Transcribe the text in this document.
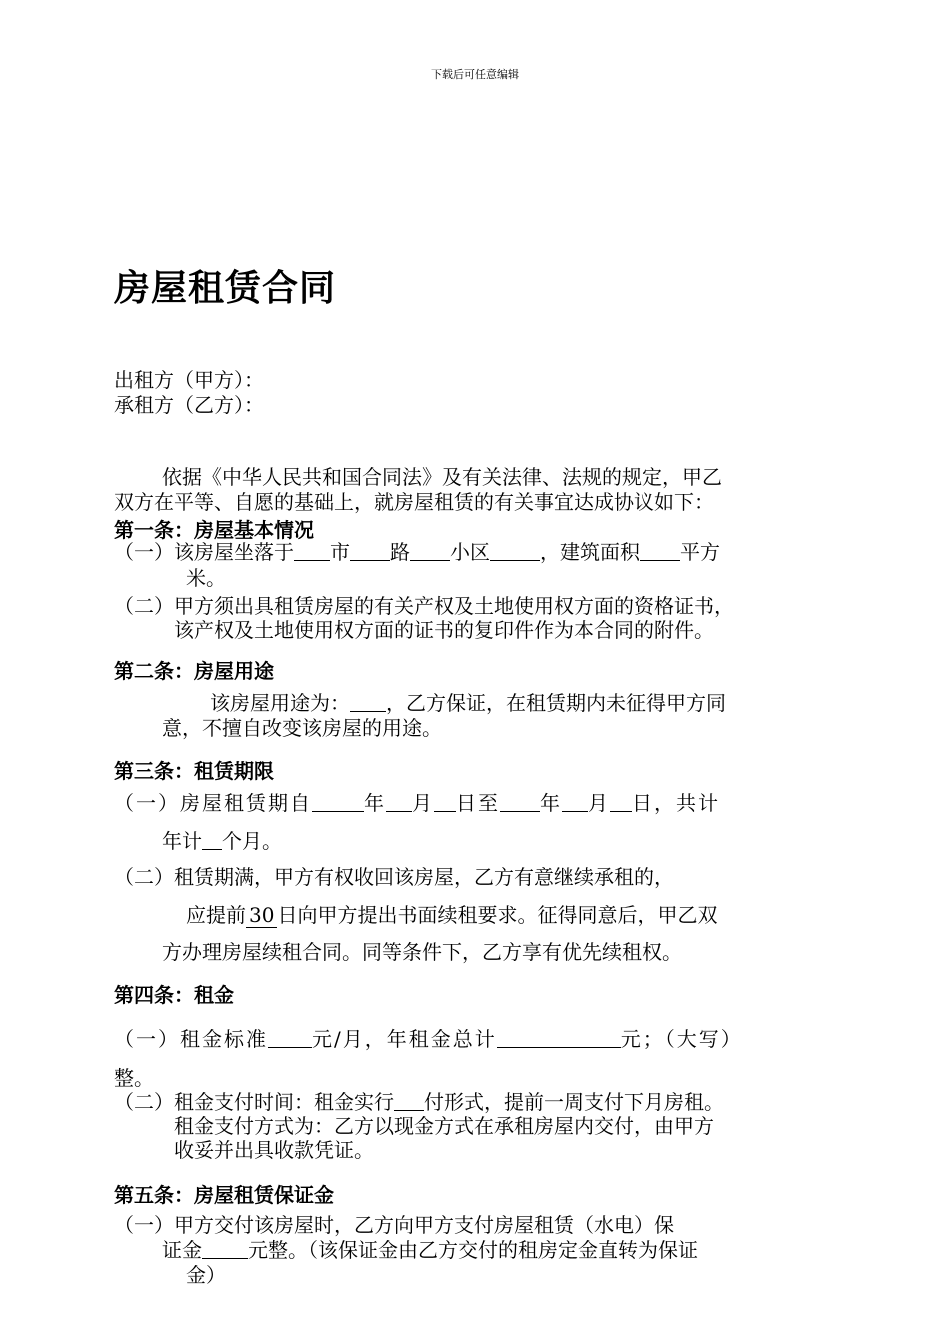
下载后可任意编辑
房屋租赁合同
出租方（甲方）：
承租方（乙方）：
依据《中华人民共和国合同法》及有关法律、法规的规定，甲乙
双方在平等、自愿的基础上，就房屋租赁的有关事宜达成协议如下：
第一条：房屋基本情况
（一）该房屋坐落于 市 路 小区	，建筑面积 平方
米。
（二）甲方须出具租赁房屋的有关产权及土地使用权方面的资格证书，
该产权及土地使用权方面的证书的复印件作为本合同的附件。
第二条：房屋用途
该房屋用途为： ，乙方保证，在租赁期内未征得甲方同
意，不擅自改变该房屋的用途。
第三条：租赁期限
（一）房屋租赁期自	年 月 日至 年 月 日，共计
年计 个月。
（二）租赁期满，甲方有权收回该房屋，乙方有意继续承租的，
应提前 30 日向甲方提出书面续租要求。征得同意后，甲乙双
方办理房屋续租合同。同等条件下，乙方享有优先续租权。
第四条：租金
（一）租金标准 元/月，年租金总计	元；（大写）
整。
（二）租金支付时间：租金实行 付形式，提前一周支付下月房租。
租金支付方式为：乙方以现金方式在承租房屋内交付，由甲方
收妥并出具收款凭证。
第五条：房屋租赁保证金
（一）甲方交付该房屋时，乙方向甲方支付房屋租赁（水电）保
证金 元整。（该保证金由乙方交付的租房定金直转为保证
金）
